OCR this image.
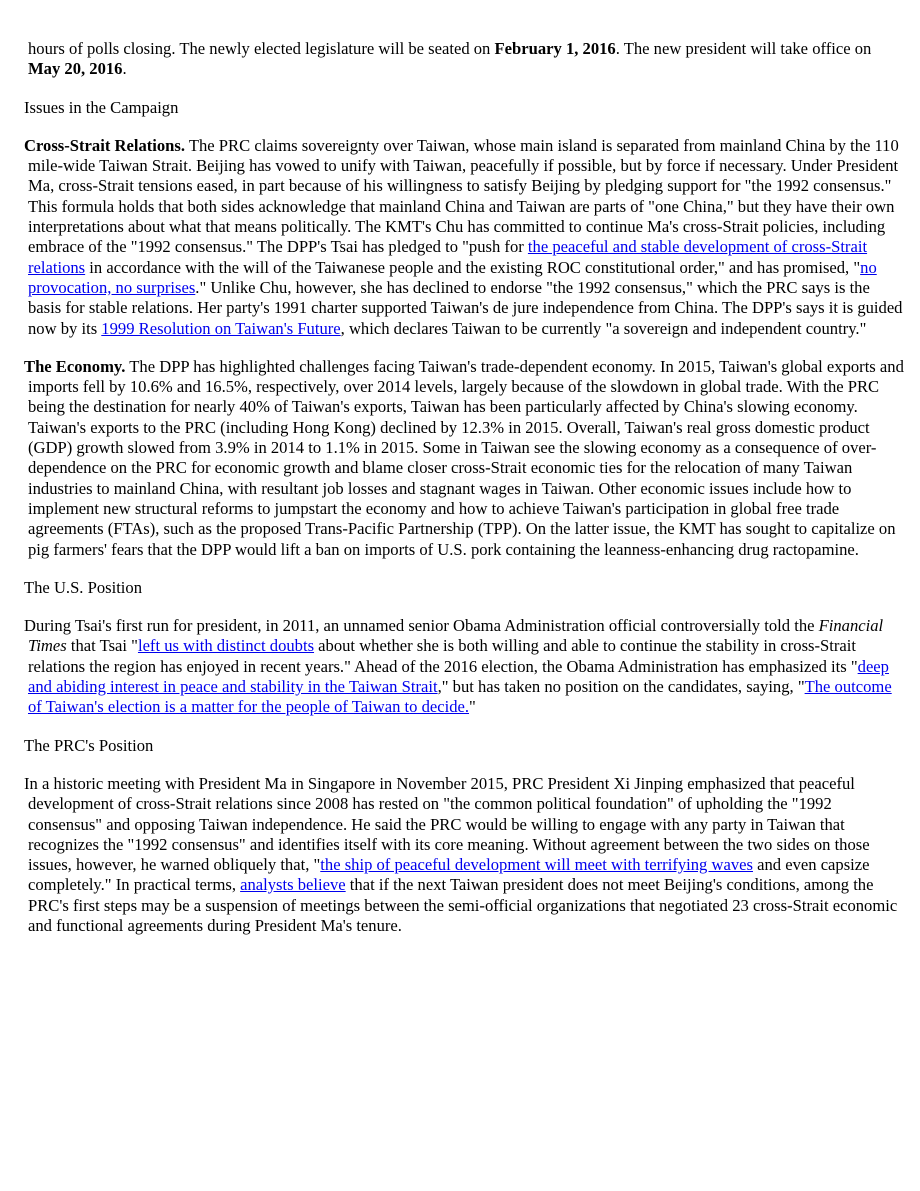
hours of polls closing. The newly elected legislature will be seated on February 1, 2016. The new president will take office on May 20, 2016.

Issues in the Campaign

Cross-Strait Relations. The PRC claims sovereignty over Taiwan, whose main island is separated from mainland China by the 110 mile-wide Taiwan Strait. Beijing has vowed to unify with Taiwan, peacefully if possible, but by force if necessary. Under President Ma, cross-Strait tensions eased, in part because of his willingness to satisfy Beijing by pledging support for "the 1992 consensus." This formula holds that both sides acknowledge that mainland China and Taiwan are parts of "one China," but they have their own interpretations about what that means politically. The KMT's Chu has committed to continue Ma's cross-Strait policies, including embrace of the "1992 consensus." The DPP's Tsai has pledged to "push for the peaceful and stable development of cross-Strait relations in accordance with the will of the Taiwanese people and the existing ROC constitutional order," and has promised, "no provocation, no surprises." Unlike Chu, however, she has declined to endorse "the 1992 consensus," which the PRC says is the basis for stable relations. Her party's 1991 charter supported Taiwan's de jure independence from China. The DPP's says it is guided now by its 1999 Resolution on Taiwan's Future, which declares Taiwan to be currently "a sovereign and independent country."

The Economy. The DPP has highlighted challenges facing Taiwan's trade-dependent economy. In 2015, Taiwan's global exports and imports fell by 10.6% and 16.5%, respectively, over 2014 levels, largely because of the slowdown in global trade. With the PRC being the destination for nearly 40% of Taiwan's exports, Taiwan has been particularly affected by China's slowing economy. Taiwan's exports to the PRC (including Hong Kong) declined by 12.3% in 2015. Overall, Taiwan's real gross domestic product (GDP) growth slowed from 3.9% in 2014 to 1.1% in 2015. Some in Taiwan see the slowing economy as a consequence of over-dependence on the PRC for economic growth and blame closer cross-Strait economic ties for the relocation of many Taiwan industries to mainland China, with resultant job losses and stagnant wages in Taiwan. Other economic issues include how to implement new structural reforms to jumpstart the economy and how to achieve Taiwan's participation in global free trade agreements (FTAs), such as the proposed Trans-Pacific Partnership (TPP). On the latter issue, the KMT has sought to capitalize on pig farmers' fears that the DPP would lift a ban on imports of U.S. pork containing the leanness-enhancing drug ractopamine.

The U.S. Position

During Tsai's first run for president, in 2011, an unnamed senior Obama Administration official controversially told the Financial Times that Tsai "left us with distinct doubts about whether she is both willing and able to continue the stability in cross-Strait relations the region has enjoyed in recent years." Ahead of the 2016 election, the Obama Administration has emphasized its "deep and abiding interest in peace and stability in the Taiwan Strait," but has taken no position on the candidates, saying, "The outcome of Taiwan's election is a matter for the people of Taiwan to decide."

The PRC's Position

In a historic meeting with President Ma in Singapore in November 2015, PRC President Xi Jinping emphasized that peaceful development of cross-Strait relations since 2008 has rested on "the common political foundation" of upholding the "1992 consensus" and opposing Taiwan independence. He said the PRC would be willing to engage with any party in Taiwan that recognizes the "1992 consensus" and identifies itself with its core meaning. Without agreement between the two sides on those issues, however, he warned obliquely that, "the ship of peaceful development will meet with terrifying waves and even capsize completely." In practical terms, analysts believe that if the next Taiwan president does not meet Beijing's conditions, among the PRC's first steps may be a suspension of meetings between the semi-official organizations that negotiated 23 cross-Strait economic and functional agreements during President Ma's tenure.
